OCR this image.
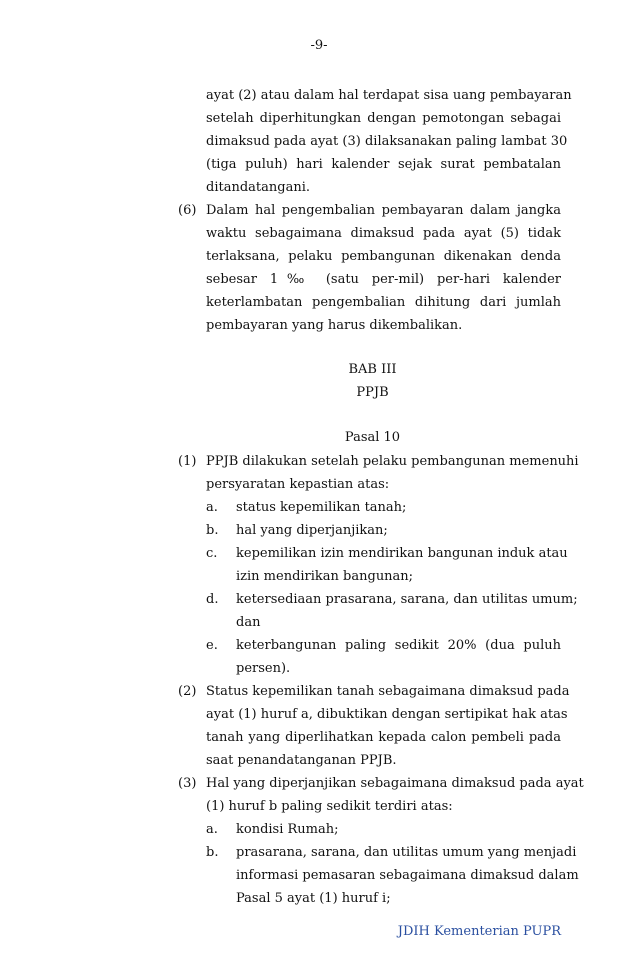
-9-
ayat (2) atau dalam hal terdapat sisa uang pembayaran
setelah diperhitungkan dengan pemotongan sebagai
dimaksud pada ayat (3) dilaksanakan paling lambat 30
(tiga puluh) hari kalender sejak surat pembatalan
ditandatangani.
(6) Dalam hal pengembalian pembayaran dalam jangka
waktu sebagaimana dimaksud pada ayat (5) tidak
terlaksana, pelaku pembangunan dikenakan denda
sebesar 1‰ (satu per-mil) per-hari kalender
keterlambatan pengembalian dihitung dari jumlah
pembayaran yang harus dikembalikan.
BAB III
PPJB
Pasal 10
(1) PPJB dilakukan setelah pelaku pembangunan memenuhi
persyaratan kepastian atas:
a. status kepemilikan tanah;
b. hal yang diperjanjikan;
c. kepemilikan izin mendirikan bangunan induk atau
izin mendirikan bangunan;
d. ketersediaan prasarana, sarana, dan utilitas umum;
dan
e. keterbangunan paling sedikit 20% (dua puluh
persen).
(2) Status kepemilikan tanah sebagaimana dimaksud pada
ayat (1) huruf a, dibuktikan dengan sertipikat hak atas
tanah yang diperlihatkan kepada calon pembeli pada
saat penandatanganan PPJB.
(3) Hal yang diperjanjikan sebagaimana dimaksud pada ayat
(1) huruf b paling sedikit terdiri atas:
a. kondisi Rumah;
b. prasarana, sarana, dan utilitas umum yang menjadi
informasi pemasaran sebagaimana dimaksud dalam
Pasal 5 ayat (1) huruf i;
JDIH Kementerian PUPR
